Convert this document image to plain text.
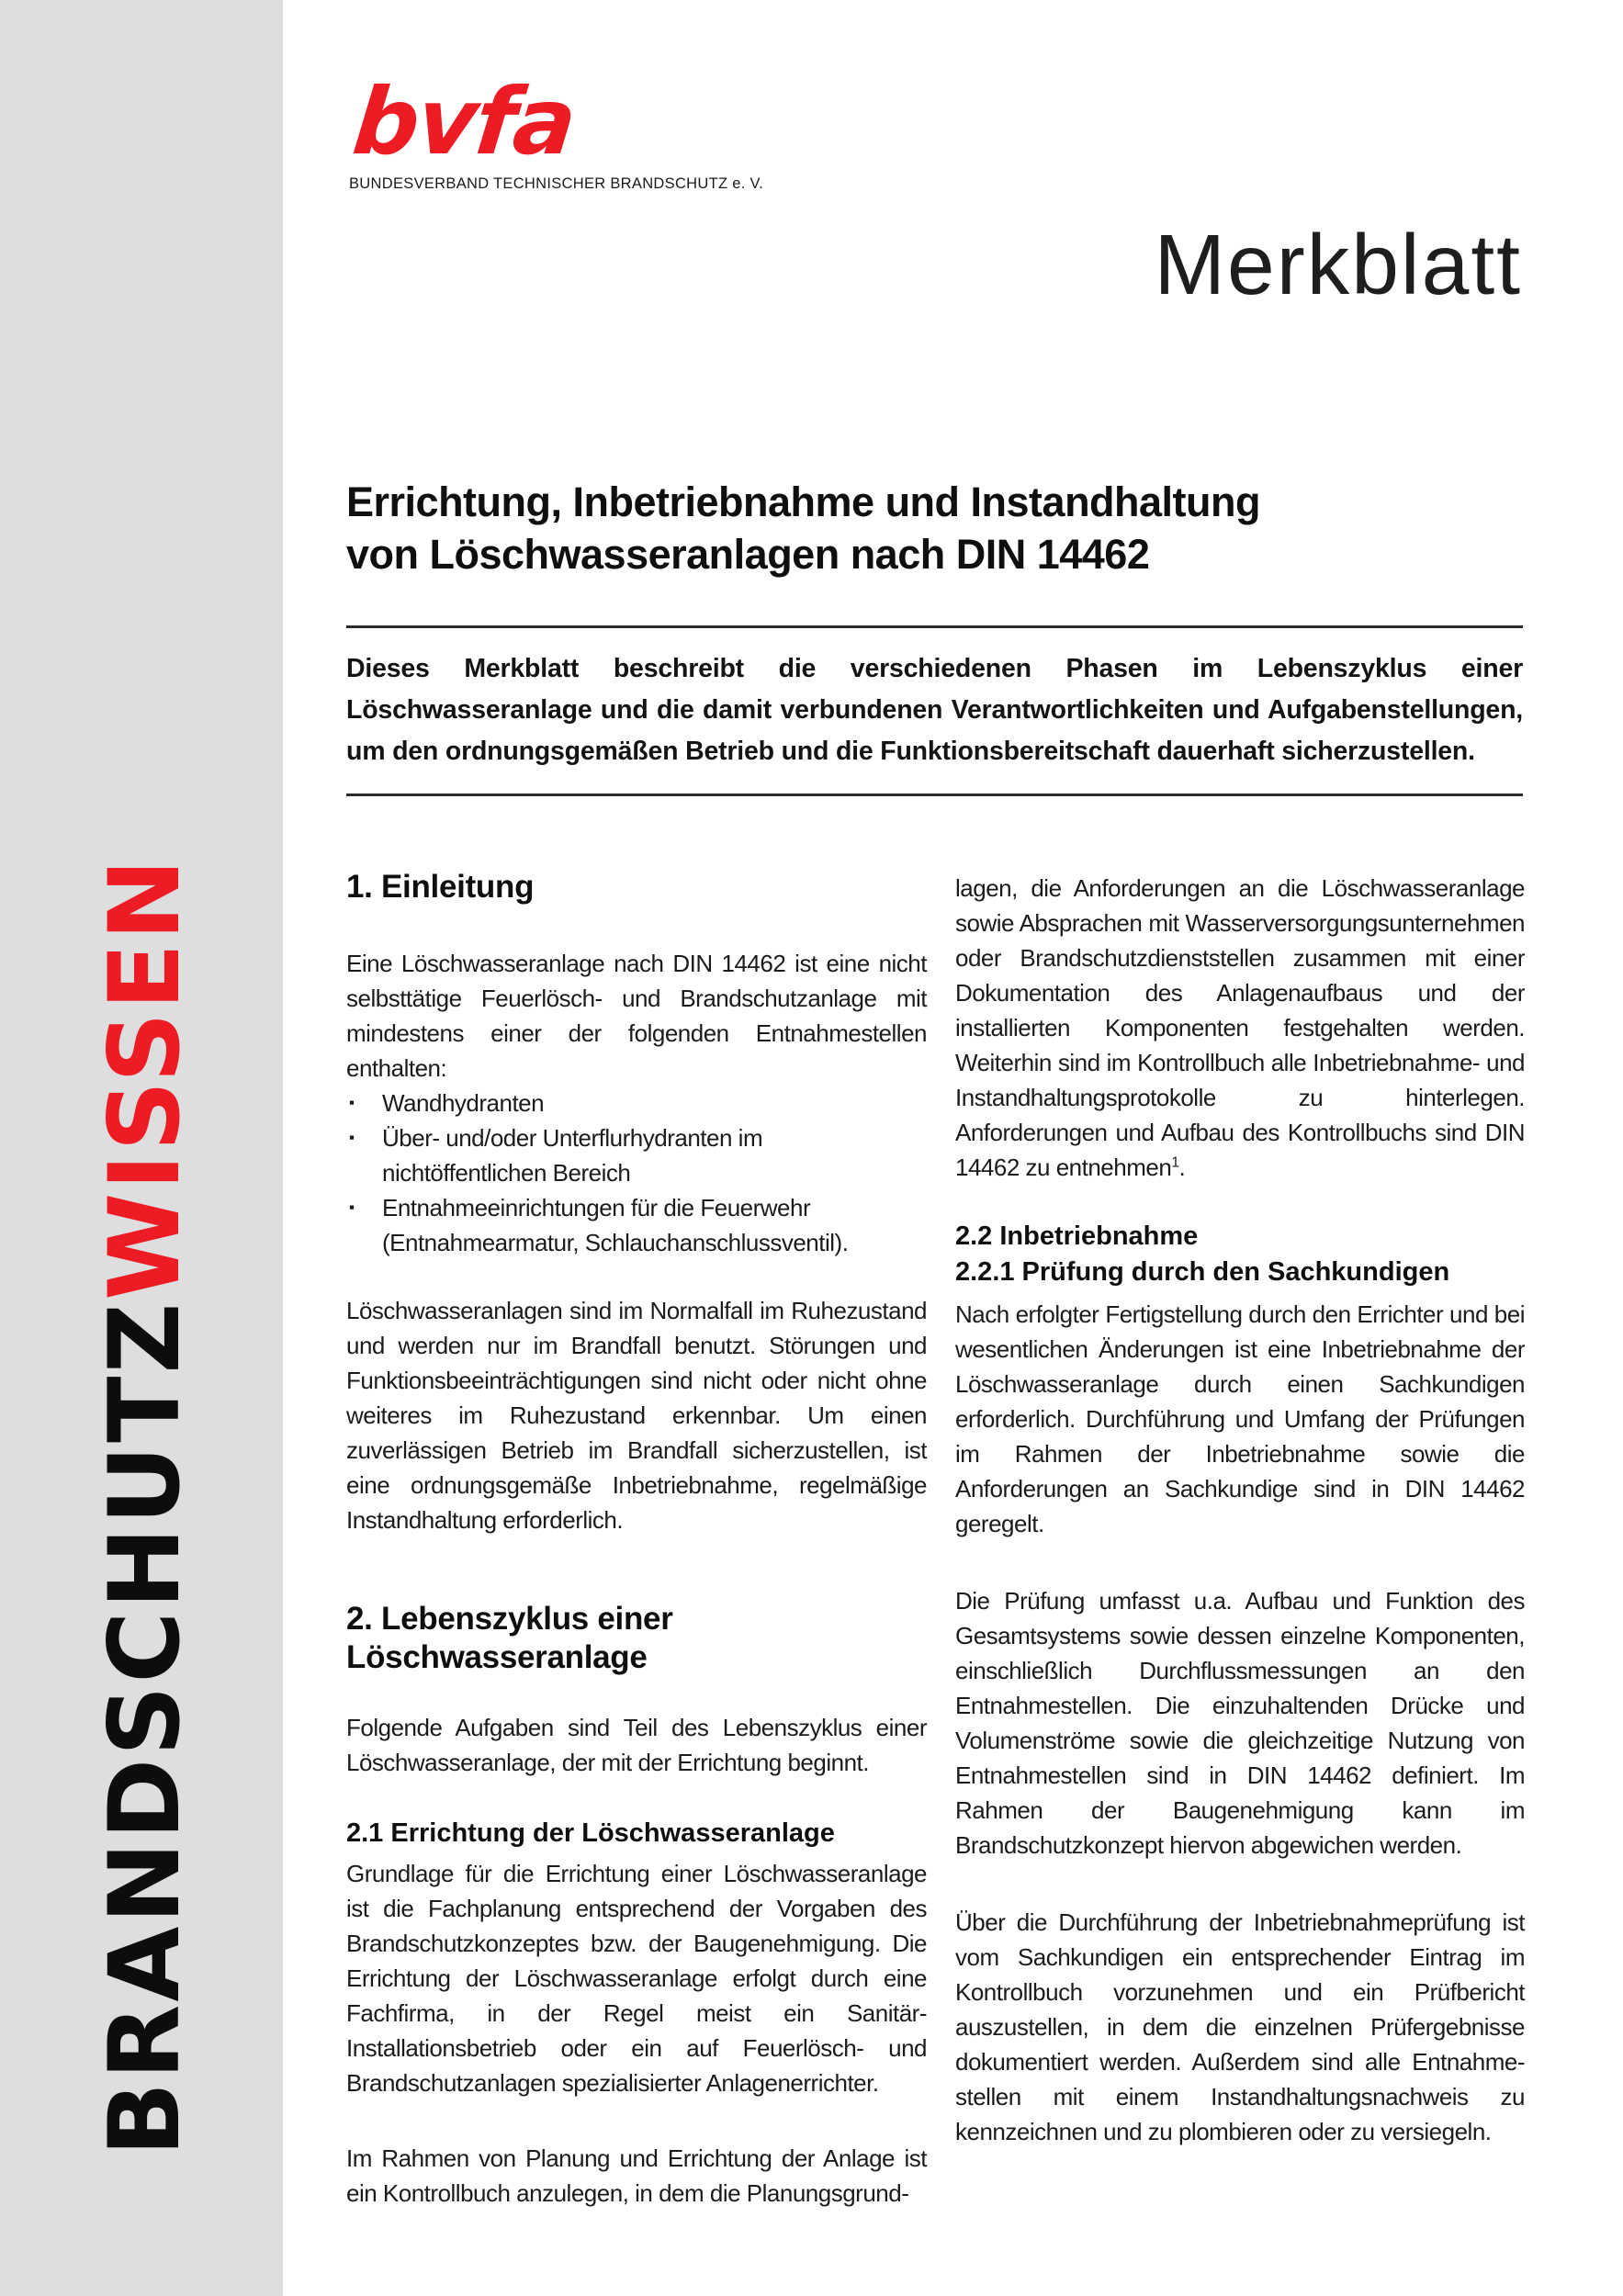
BRANDSCHUTZWISSEN
bvfa
BUNDESVERBAND TECHNISCHER BRANDSCHUTZ e. V.
Merkblatt
Errichtung, Inbetriebnahme und Instandhaltung
von Löschwasseranlagen nach DIN 14462
Dieses Merkblatt beschreibt die verschiedenen Phasen im Lebenszyklus einer Löschwasseranlage und die damit verbundenen Verantwortlichkeiten und Aufgabenstellungen, um den ordnungsgemäßen Betrieb und die Funktionsbereitschaft dauerhaft sicherzustellen.
1. Einleitung

Eine Löschwasseranlage nach DIN 14462 ist eine nicht selbsttätige Feuerlösch- und Brandschutzanlage mit mindestens einer der folgenden Entnahmestellen enthalten:

▪	Wandhydranten
▪	Über- und/oder Unterflurhydranten im nichtöffentlichen Bereich
▪	Entnahmeeinrichtungen für die Feuerwehr (Entnahmearmatur, Schlauchanschlussventil).

Löschwasseranlagen sind im Normalfall im Ruhezustand und werden nur im Brandfall benutzt. Störungen und Funktionsbeeinträchtigungen sind nicht oder nicht ohne weiteres im Ruhezustand erkennbar. Um einen zuverlässigen Betrieb im Brandfall sicherzustellen, ist eine ordnungsgemäße Inbetriebnahme, regelmäßige Instandhaltung erforderlich.

2. Lebenszyklus einer Löschwasseranlage

Folgende Aufgaben sind Teil des Lebenszyklus einer Löschwasseranlage, der mit der Errichtung beginnt.

2.1 Errichtung der Löschwasseranlage

Grundlage für die Errichtung einer Löschwasseranlage ist die Fachplanung entsprechend der Vorgaben des Brandschutzkonzeptes bzw. der Baugenehmigung. Die Errichtung der Löschwasseranlage erfolgt durch eine Fachfirma, in der Regel meist ein Sanitär-Installationsbetrieb oder ein auf Feuerlösch- und Brandschutzanlagen spezialisierter Anlagenerrichter.

Im Rahmen von Planung und Errichtung der Anlage ist ein Kontrollbuch anzulegen, in dem die Planungsgrund-

lagen, die Anforderungen an die Löschwasseranlage sowie Absprachen mit Wasserversorgungsunternehmen oder Brandschutzdienststellen zusammen mit einer Dokumentation des Anlagenaufbaus und der installierten Komponenten festgehalten werden. Weiterhin sind im Kontrollbuch alle Inbetriebnahme- und Instandhaltungsprotokolle zu hinterlegen. Anforderungen und Aufbau des Kontrollbuchs sind DIN 14462 zu entnehmen$^1$.

2.2 Inbetriebnahme
2.2.1 Prüfung durch den Sachkundigen

Nach erfolgter Fertigstellung durch den Errichter und bei wesentlichen Änderungen ist eine Inbetriebnahme der Löschwasseranlage durch einen Sachkundigen erforderlich. Durchführung und Umfang der Prüfungen im Rahmen der Inbetriebnahme sowie die Anforderungen an Sachkundige sind in DIN 14462 geregelt.

Die Prüfung umfasst u.a. Aufbau und Funktion des Gesamtsystems sowie dessen einzelne Komponenten, einschließlich Durchflussmessungen an den Entnahmestellen. Die einzuhaltenden Drücke und Volumenströme sowie die gleichzeitige Nutzung von Entnahmestellen sind in DIN 14462 definiert. Im Rahmen der Baugenehmigung kann im Brandschutzkonzept hiervon abgewichen werden.

Über die Durchführung der Inbetriebnahmeprüfung ist vom Sachkundigen ein entsprechender Eintrag im Kontrollbuch vorzunehmen und ein Prüfbericht auszustellen, in dem die einzelnen Prüfergebnisse dokumentiert werden. Außerdem sind alle Entnahme-stellen mit einem Instandhaltungsnachweis zu kennzeichnen und zu plombieren oder zu versiegeln.
